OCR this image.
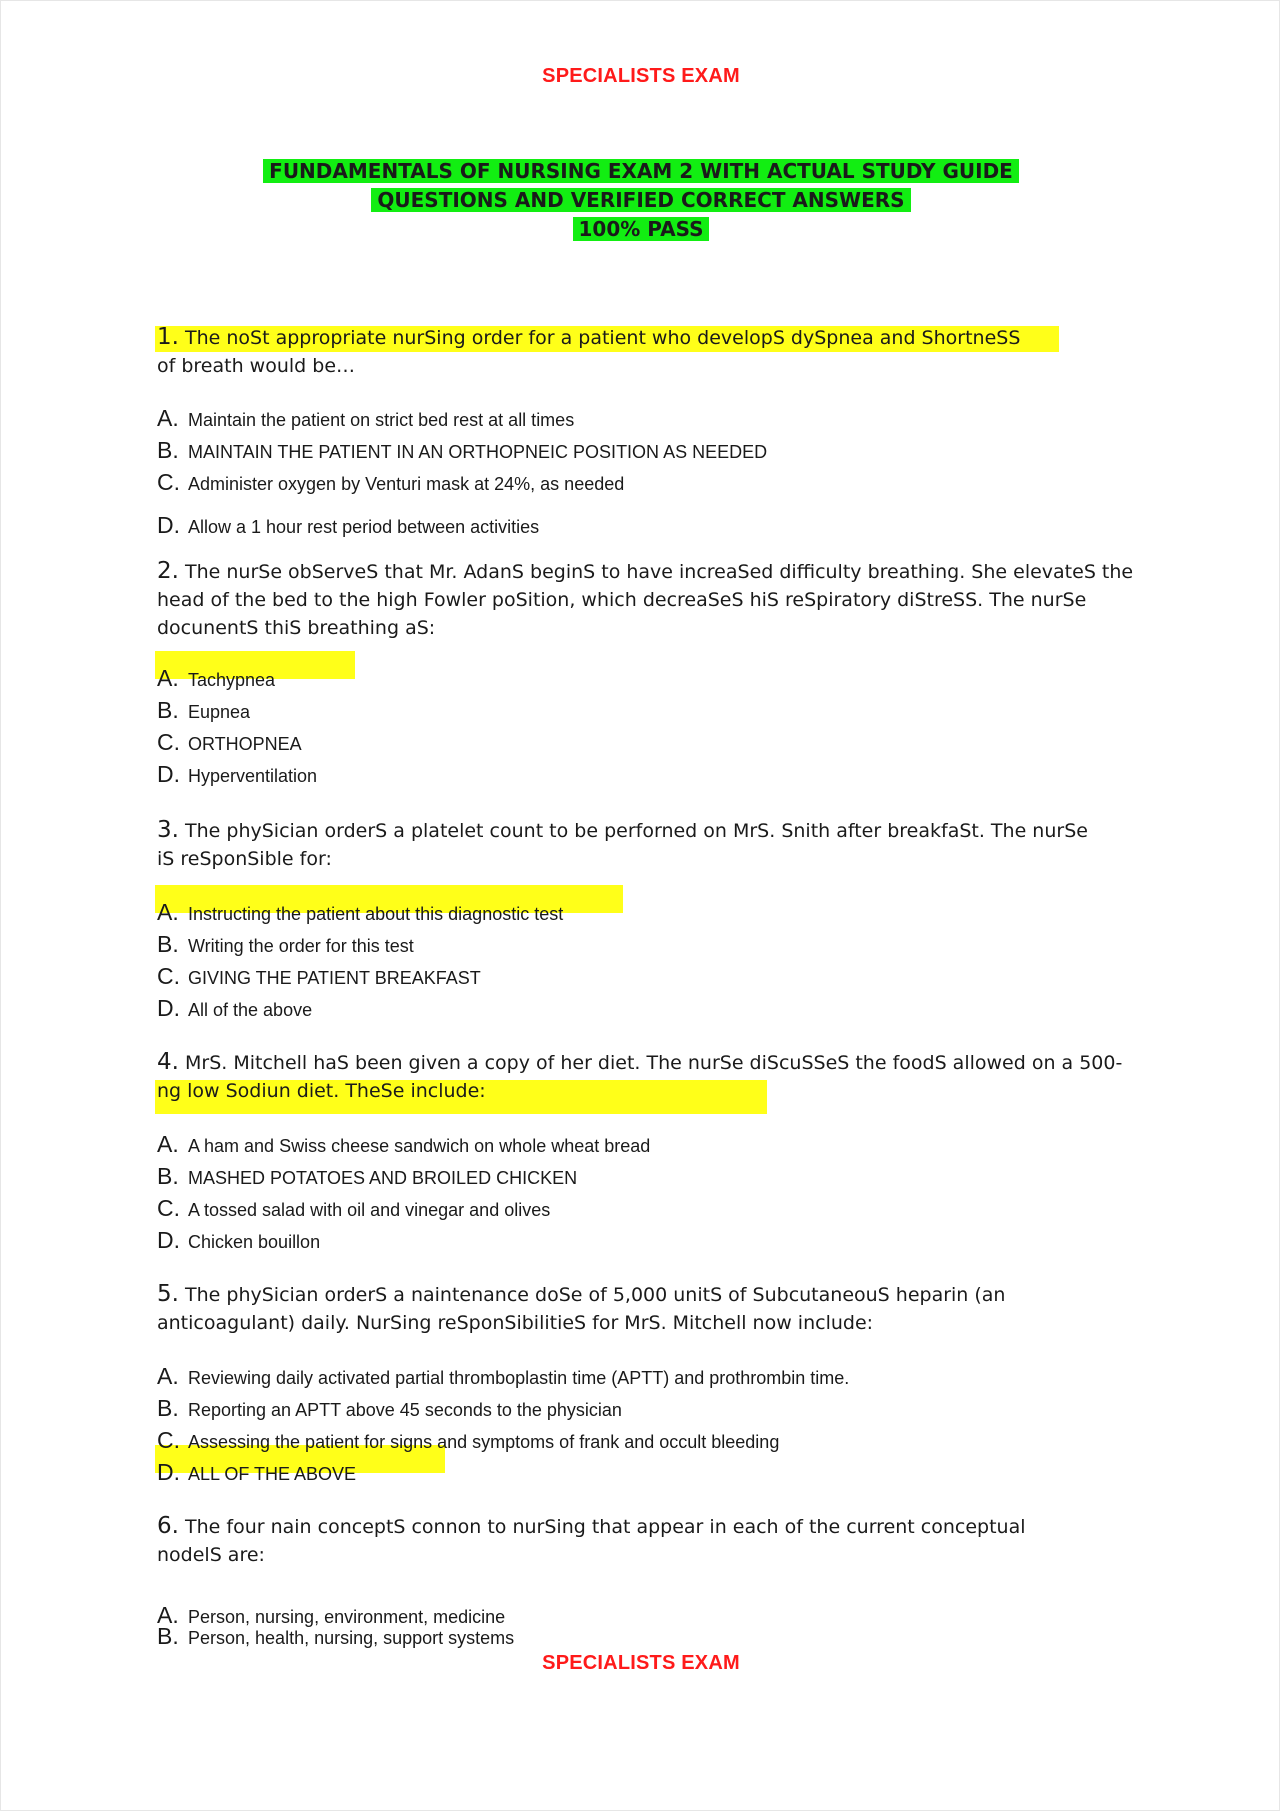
SPECIALISTS EXAM
FUNDAMENTALS OF NURSING EXAM 2 WITH ACTUAL STUDY GUIDE
QUESTIONS AND VERIFIED CORRECT ANSWERS
100% PASS
1. The noSt appropriate nurSing order for a patient who developS dySpnea and ShortneSS
of breath would be…
A. Maintain the patient on strict bed rest at all times
B. MAINTAIN THE PATIENT IN AN ORTHOPNEIC POSITION AS NEEDED
C. Administer oxygen by Venturi mask at 24%, as needed
D. Allow a 1 hour rest period between activities
2. The nurSe obServeS that Mr. AdanS beginS to have increaSed difficulty breathing. She elevateS the
head of the bed to the high Fowler poSition, which decreaSeS hiS reSpiratory diStreSS. The nurSe
docunentS thiS breathing aS:
A. Tachypnea
B. Eupnea
C. ORTHOPNEA
D. Hyperventilation
3. The phySician orderS a platelet count to be perforned on MrS. Snith after breakfaSt. The nurSe
iS reSponSible for:
A. Instructing the patient about this diagnostic test
B. Writing the order for this test
C. GIVING THE PATIENT BREAKFAST
D. All of the above
4. MrS. Mitchell haS been given a copy of her diet. The nurSe diScuSSeS the foodS allowed on a 500-
ng low Sodiun diet. TheSe include:
A. A ham and Swiss cheese sandwich on whole wheat bread
B. MASHED POTATOES AND BROILED CHICKEN
C. A tossed salad with oil and vinegar and olives
D. Chicken bouillon
5. The phySician orderS a naintenance doSe of 5,000 unitS of SubcutaneouS heparin (an
anticoagulant) daily. NurSing reSponSibilitieS for MrS. Mitchell now include:
A. Reviewing daily activated partial thromboplastin time (APTT) and prothrombin time.
B. Reporting an APTT above 45 seconds to the physician
C. Assessing the patient for signs and symptoms of frank and occult bleeding
D. ALL OF THE ABOVE
6. The four nain conceptS connon to nurSing that appear in each of the current conceptual
nodelS are:
A. Person, nursing, environment, medicine
B. Person, health, nursing, support systems
SPECIALISTS EXAM
